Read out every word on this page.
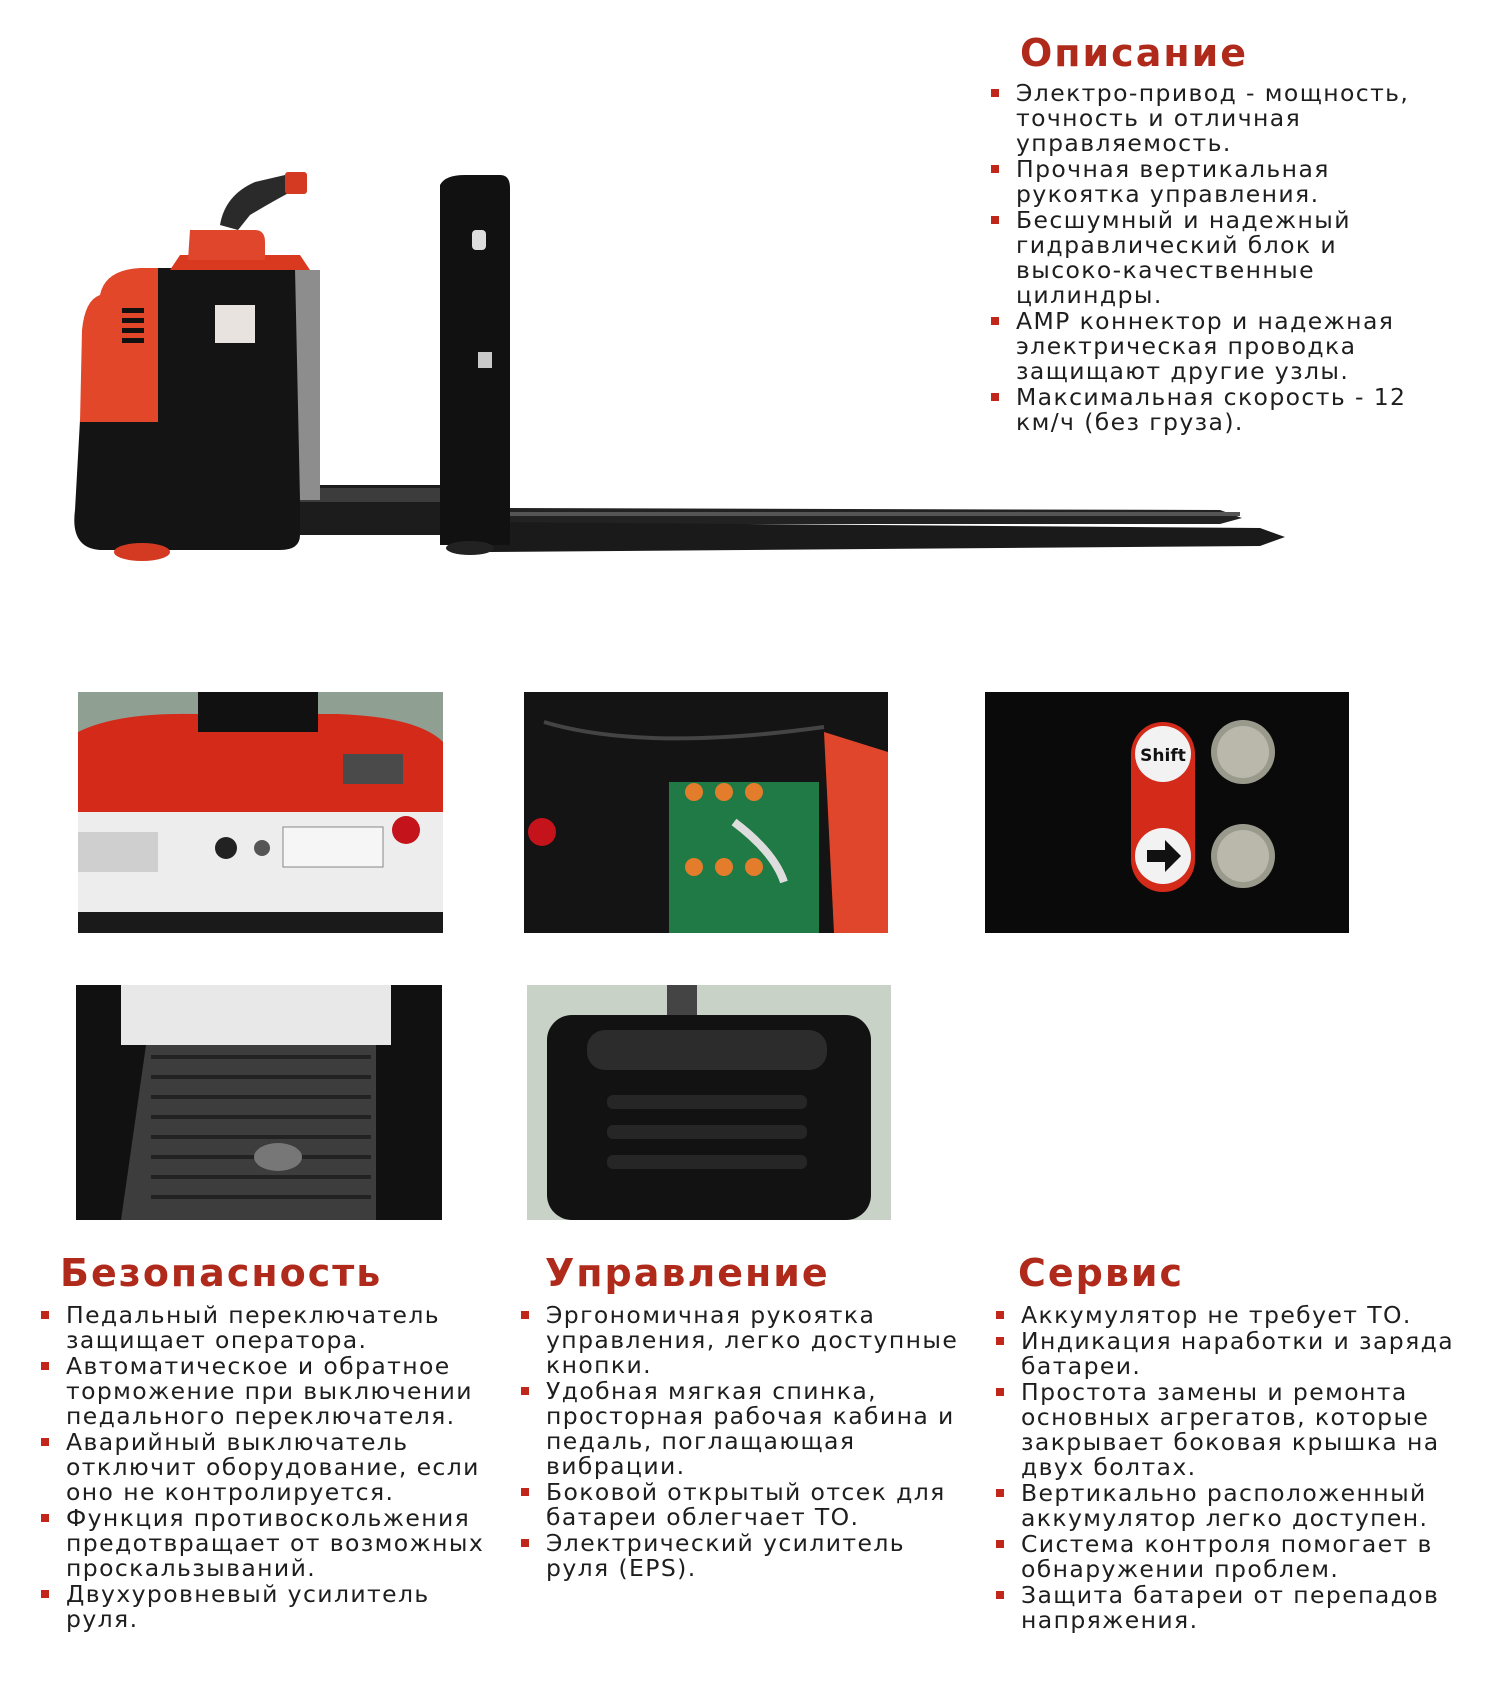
Описание
Электро-привод - мощность, точность и отличная управляемость.
Прочная вертикальная рукоятка управления.
Бесшумный и надежный гидравлический блок и высоко-качественные цилиндры.
АМР коннектор и надежная электрическая проводка защищают другие узлы.
Максимальная скорость - 12 км/ч (без груза).
Shift
Безопасность
Педальный переключатель защищает оператора.
Автоматическое и обратное торможение при выключении педального переключателя.
Аварийный выключатель отключит оборудование, если оно не контролируется.
Функция противоскольжения предотвращает от возможных проскальзываний.
Двухуровневый усилитель руля.
Управление
Эргономичная рукоятка управления, легко доступные кнопки.
Удобная мягкая спинка, просторная рабочая кабина и педаль, поглащающая вибрации.
Боковой открытый отсек для батареи облегчает ТО.
Электрический усилитель руля (EPS).
Сервис
Аккумулятор не требует ТО.
Индикация наработки и заряда батареи.
Простота замены и ремонта основных агрегатов, которые закрывает боковая крышка на двух болтах.
Вертикально расположенный аккумулятор легко доступен.
Система контроля помогает в обнаружении проблем.
Защита батареи от перепадов напряжения.
